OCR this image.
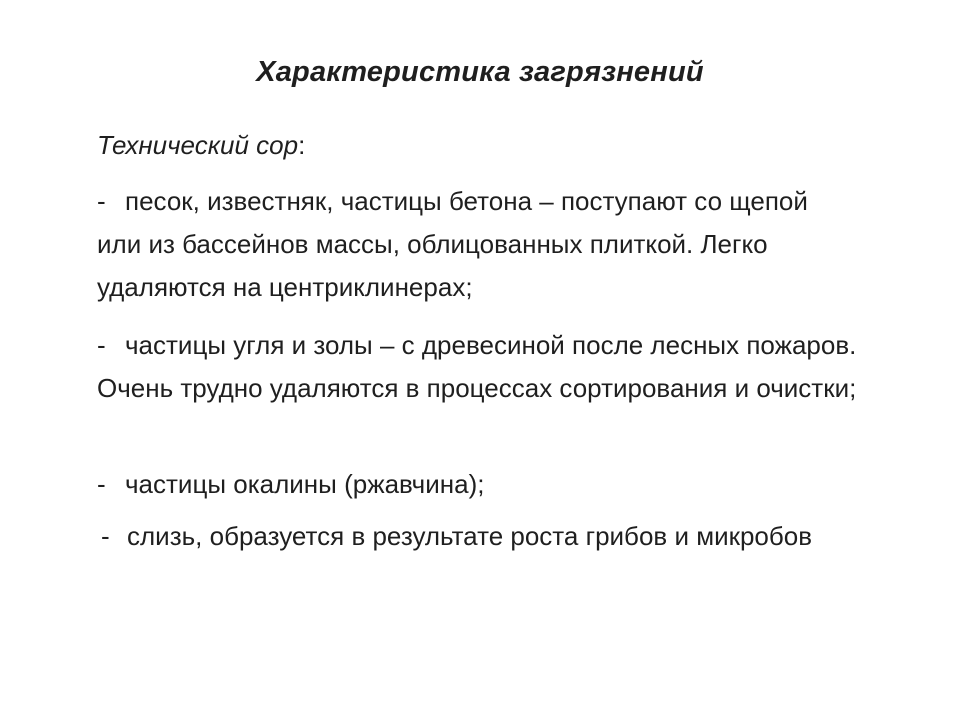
Характеристика загрязнений
Технический сор:
- песок, известняк, частицы бетона – поступают со щепой или из бассейнов массы, облицованных плиткой. Легко удаляются на центриклинерах;
- частицы угля и золы – с древесиной после лесных пожаров. Очень трудно удаляются в процессах сортирования и очистки;
- частицы окалины (ржавчина);
- слизь, образуется в результате роста грибов и микробов
